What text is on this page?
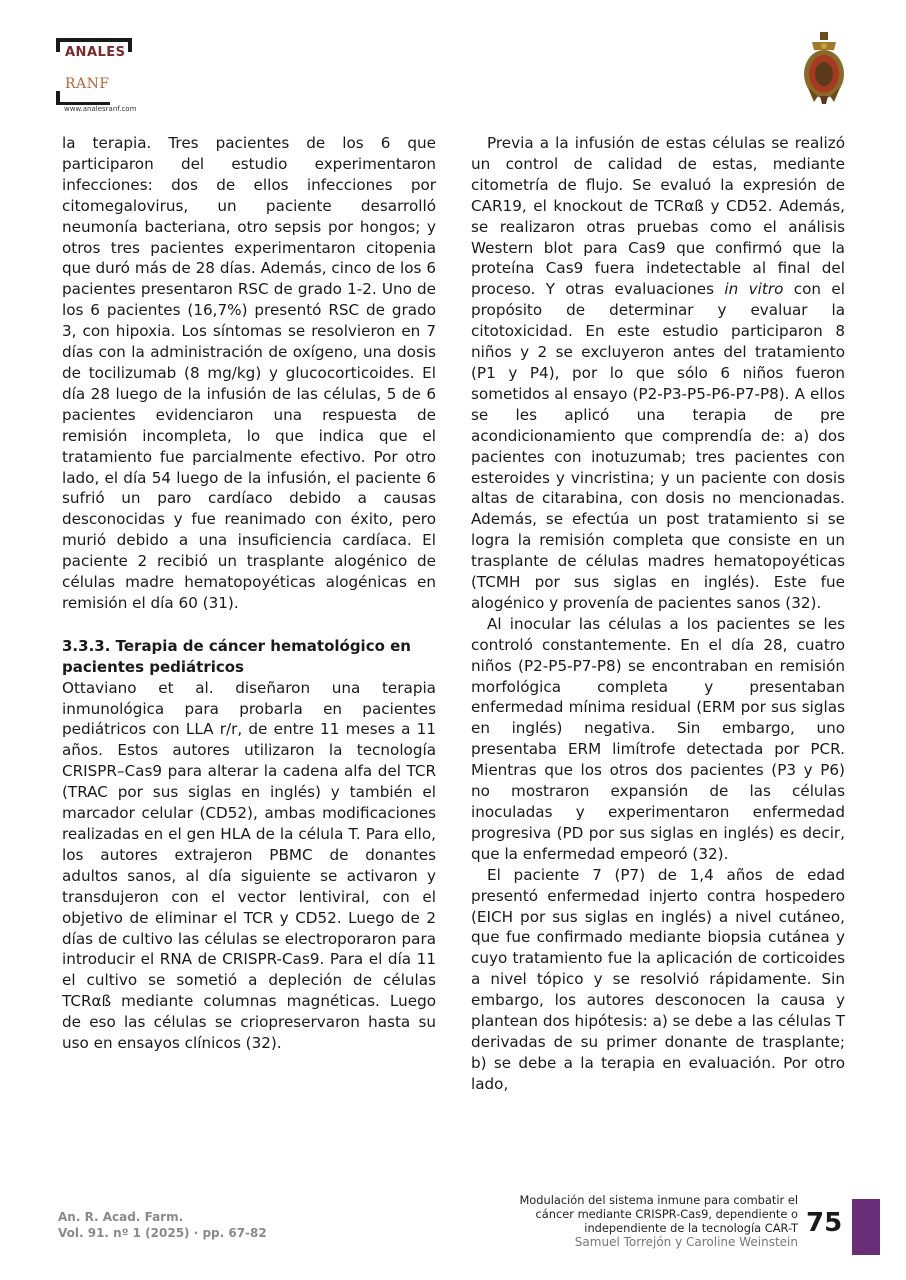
ANALES
RANF
www.analesranf.com

la terapia. Tres pacientes de los 6 que participaron del estudio experimentaron infecciones: dos de ellos infecciones por citomegalovirus, un paciente desarrolló neumonía bacteriana, otro sepsis por hongos; y otros tres pacientes experimentaron citopenia que duró más de 28 días. Además, cinco de los 6 pacientes presentaron RSC de grado 1-2. Uno de los 6 pacientes (16,7%) presentó RSC de grado 3, con hipoxia. Los síntomas se resolvieron en 7 días con la administración de oxígeno, una dosis de tocilizumab (8 mg/kg) y glucocorticoides. El día 28 luego de la infusión de las células, 5 de 6 pacientes evidenciaron una respuesta de remisión incompleta, lo que indica que el tratamiento fue parcialmente efectivo. Por otro lado, el día 54 luego de la infusión, el paciente 6 sufrió un paro cardíaco debido a causas desconocidas y fue reanimado con éxito, pero murió debido a una insuficiencia cardíaca. El paciente 2 recibió un trasplante alogénico de células madre hematopoyéticas alogénicas en remisión el día 60 (31).

3.3.3. Terapia de cáncer hematológico en pacientes pediátricos

Ottaviano et al. diseñaron una terapia inmunológica para probarla en pacientes pediátricos con LLA r/r, de entre 11 meses a 11 años. Estos autores utilizaron la tecnología CRISPR–Cas9 para alterar la cadena alfa del TCR (TRAC por sus siglas en inglés) y también el marcador celular (CD52), ambas modificaciones realizadas en el gen HLA de la célula T. Para ello, los autores extrajeron PBMC de donantes adultos sanos, al día siguiente se activaron y transdujeron con el vector lentiviral, con el objetivo de eliminar el TCR y CD52. Luego de 2 días de cultivo las células se electroporaron para introducir el RNA de CRISPR-Cas9. Para el día 11 el cultivo se sometió a depleción de células TCRαß mediante columnas magnéticas. Luego de eso las células se criopreservaron hasta su uso en ensayos clínicos (32).

Previa a la infusión de estas células se realizó un control de calidad de estas, mediante citometría de flujo. Se evaluó la expresión de CAR19, el knockout de TCRαß y CD52. Además, se realizaron otras pruebas como el análisis Western blot para Cas9 que confirmó que la proteína Cas9 fuera indetectable al final del proceso. Y otras evaluaciones in vitro con el propósito de determinar y evaluar la citotoxicidad. En este estudio participaron 8 niños y 2 se excluyeron antes del tratamiento (P1 y P4), por lo que sólo 6 niños fueron sometidos al ensayo (P2-P3-P5-P6-P7-P8). A ellos se les aplicó una terapia de pre acondicionamiento que comprendía de: a) dos pacientes con inotuzumab; tres pacientes con esteroides y vincristina; y un paciente con dosis altas de citarabina, con dosis no mencionadas. Además, se efectúa un post tratamiento si se logra la remisión completa que consiste en un trasplante de células madres hematopoyéticas (TCMH por sus siglas en inglés). Este fue alogénico y provenía de pacientes sanos (32).

Al inocular las células a los pacientes se les controló constantemente. En el día 28, cuatro niños (P2-P5-P7-P8) se encontraban en remisión morfológica completa y presentaban enfermedad mínima residual (ERM por sus siglas en inglés) negativa. Sin embargo, uno presentaba ERM limítrofe detectada por PCR. Mientras que los otros dos pacientes (P3 y P6) no mostraron expansión de las células inoculadas y experimentaron enfermedad progresiva (PD por sus siglas en inglés) es decir, que la enfermedad empeoró (32).

El paciente 7 (P7) de 1,4 años de edad presentó enfermedad injerto contra hospedero (EICH por sus siglas en inglés) a nivel cutáneo, que fue confirmado mediante biopsia cutánea y cuyo tratamiento fue la aplicación de corticoides a nivel tópico y se resolvió rápidamente. Sin embargo, los autores desconocen la causa y plantean dos hipótesis: a) se debe a las células T derivadas de su primer donante de trasplante; b) se debe a la terapia en evaluación. Por otro lado,

An. R. Acad. Farm.
Vol. 91. nº 1 (2025) · pp. 67-82
Modulación del sistema inmune para combatir el
cáncer mediante CRISPR-Cas9, dependiente o
independiente de la tecnología CAR-T
Samuel Torrejón y Caroline Weinstein
75
